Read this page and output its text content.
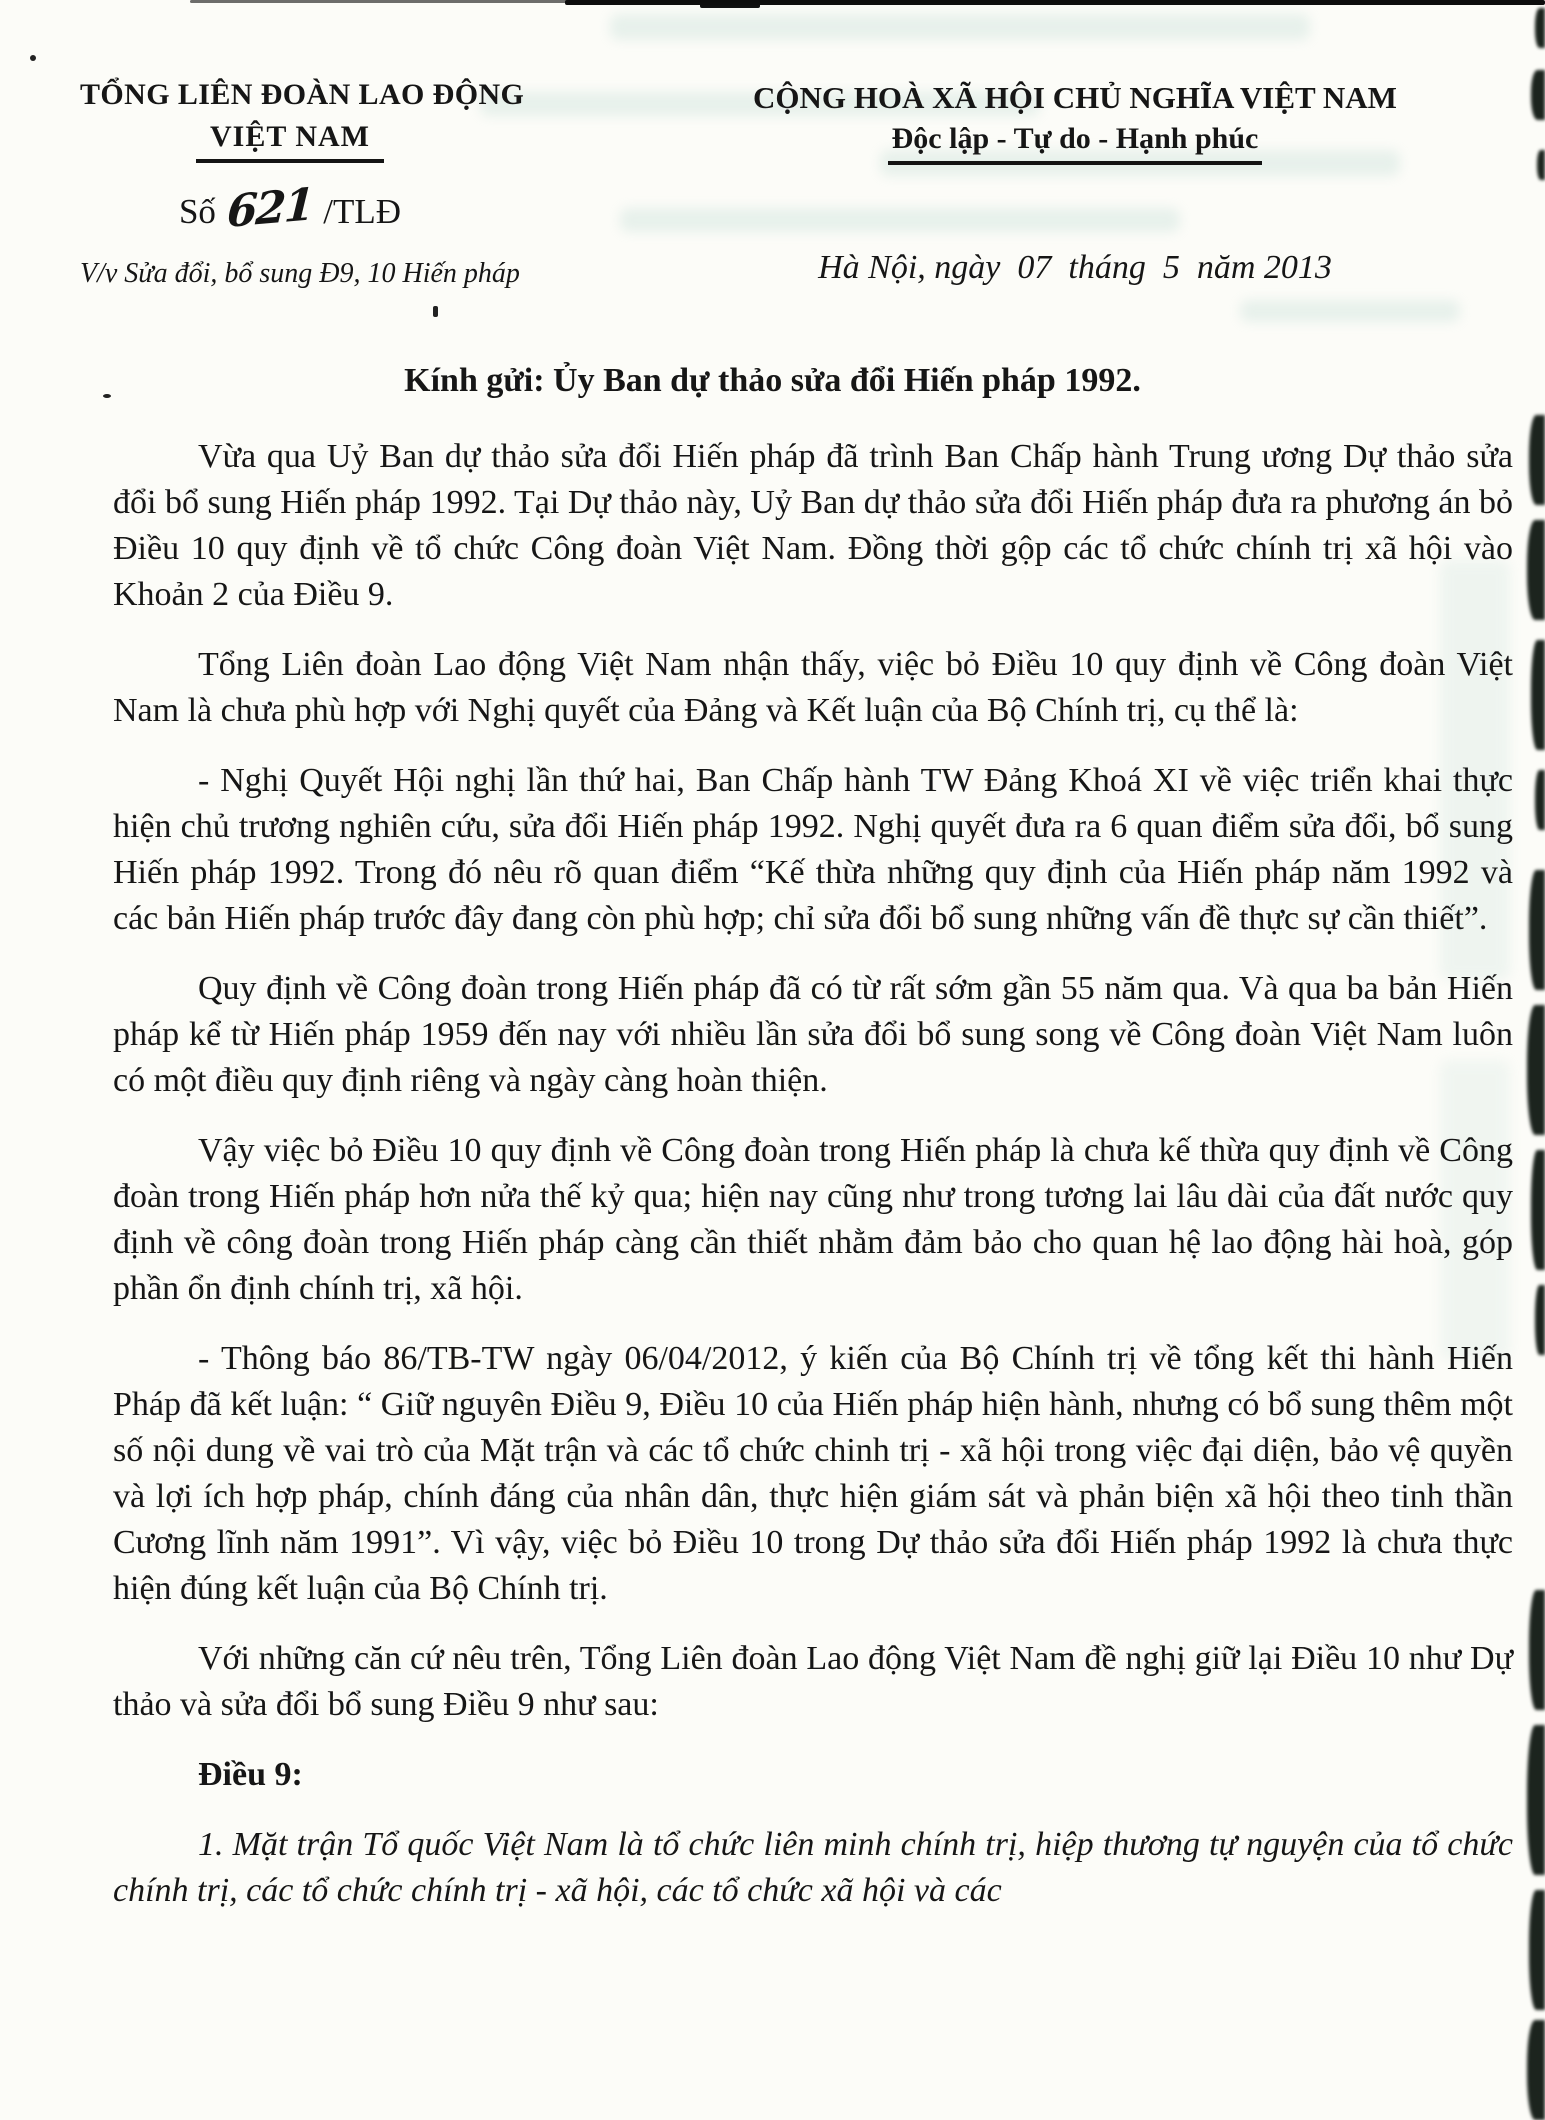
TỔNG LIÊN ĐOÀN LAO ĐỘNG
VIỆT NAM
Số 621 /TLĐ
V/v Sửa đổi, bổ sung Đ9, 10 Hiến pháp
CỘNG HOÀ XÃ HỘI CHỦ NGHĨA VIỆT NAM
Độc lập - Tự do - Hạnh phúc
Hà Nội, ngày  07  tháng  5  năm 2013
Kính gửi: Ủy Ban dự thảo sửa đổi Hiến pháp 1992.

Vừa qua Uỷ Ban dự thảo sửa đổi Hiến pháp đã trình Ban Chấp hành Trung ương Dự thảo sửa đổi bổ sung Hiến pháp 1992. Tại Dự thảo này, Uỷ Ban dự thảo sửa đổi Hiến pháp đưa ra phương án bỏ Điều 10 quy định về tổ chức Công đoàn Việt Nam. Đồng thời gộp các tổ chức chính trị xã hội vào Khoản 2 của Điều 9.

Tổng Liên đoàn Lao động Việt Nam nhận thấy, việc bỏ Điều 10 quy định về Công đoàn Việt Nam là chưa phù hợp với Nghị quyết của Đảng và Kết luận của Bộ Chính trị, cụ thể là:

- Nghị Quyết Hội nghị lần thứ hai, Ban Chấp hành TW Đảng Khoá XI về việc triển khai thực hiện chủ trương nghiên cứu, sửa đổi Hiến pháp 1992. Nghị quyết đưa ra 6 quan điểm sửa đổi, bổ sung Hiến pháp 1992. Trong đó nêu rõ quan điểm “Kế thừa những quy định của Hiến pháp năm 1992 và các bản Hiến pháp trước đây đang còn phù hợp; chỉ sửa đổi bổ sung những vấn đề thực sự cần thiết”.

Quy định về Công đoàn trong Hiến pháp đã có từ rất sớm gần 55 năm qua. Và qua ba bản Hiến pháp kể từ Hiến pháp 1959 đến nay với nhiều lần sửa đổi bổ sung song về Công đoàn Việt Nam luôn có một điều quy định riêng và ngày càng hoàn thiện.

Vậy việc bỏ Điều 10 quy định về Công đoàn trong Hiến pháp là chưa kế thừa quy định về Công đoàn trong Hiến pháp hơn nửa thế kỷ qua; hiện nay cũng như trong tương lai lâu dài của đất nước quy định về công đoàn trong Hiến pháp càng cần thiết nhằm đảm bảo cho quan hệ lao động hài hoà, góp phần ổn định chính trị, xã hội.

- Thông báo 86/TB-TW ngày 06/04/2012, ý kiến của Bộ Chính trị về tổng kết thi hành Hiến Pháp đã kết luận: “ Giữ nguyên Điều 9, Điều 10 của Hiến pháp hiện hành, nhưng có bổ sung thêm một số nội dung về vai trò của Mặt trận và các tổ chức chinh trị - xã hội trong việc đại diện, bảo vệ quyền và lợi ích hợp pháp, chính đáng của nhân dân, thực hiện giám sát và phản biện xã hội theo tinh thần Cương lĩnh năm 1991”. Vì vậy, việc bỏ Điều 10 trong Dự thảo sửa đổi Hiến pháp 1992 là chưa thực hiện đúng kết luận của Bộ Chính trị.

Với những căn cứ nêu trên, Tổng Liên đoàn Lao động Việt Nam đề nghị giữ lại Điều 10 như Dự thảo và sửa đổi bổ sung Điều 9 như sau:

Điều 9:

1. Mặt trận Tổ quốc Việt Nam là tổ chức liên minh chính trị, hiệp thương tự nguyện của tổ chức chính trị, các tổ chức chính trị - xã hội, các tổ chức xã hội và các
